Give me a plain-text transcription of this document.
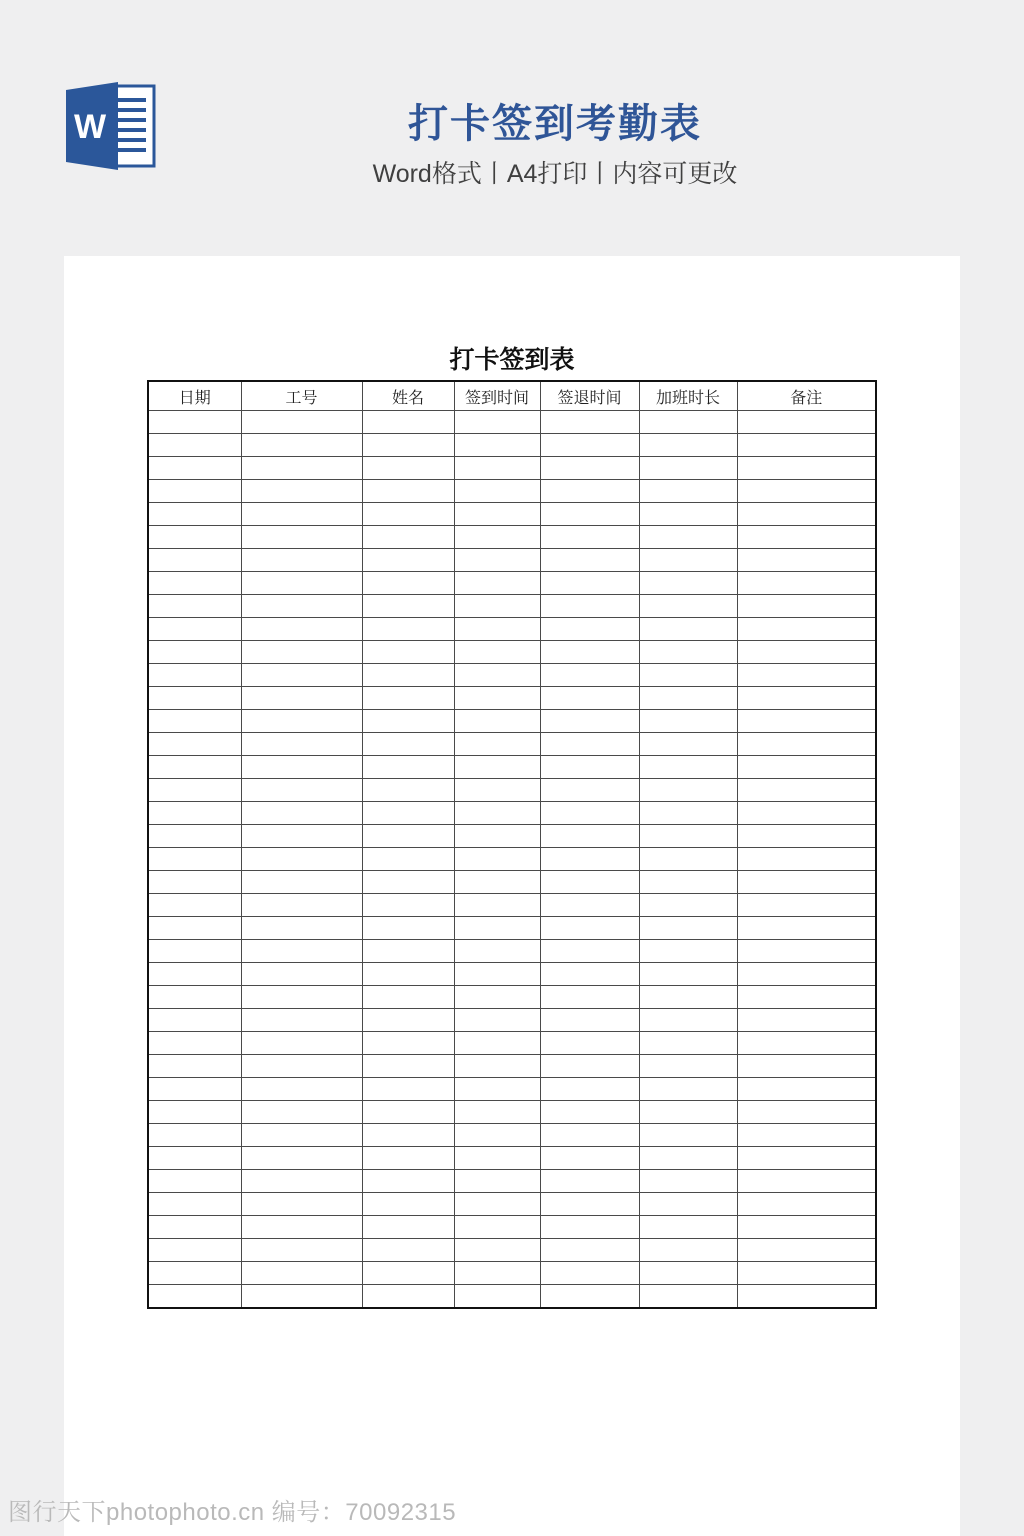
W	打卡签到考勤表
Word格式丨A4打印丨内容可更改
打卡签到表
日期	工号	姓名	签到时间	签退时间	加班时长	备注

图行天下photophoto.cn 编号：70092315
